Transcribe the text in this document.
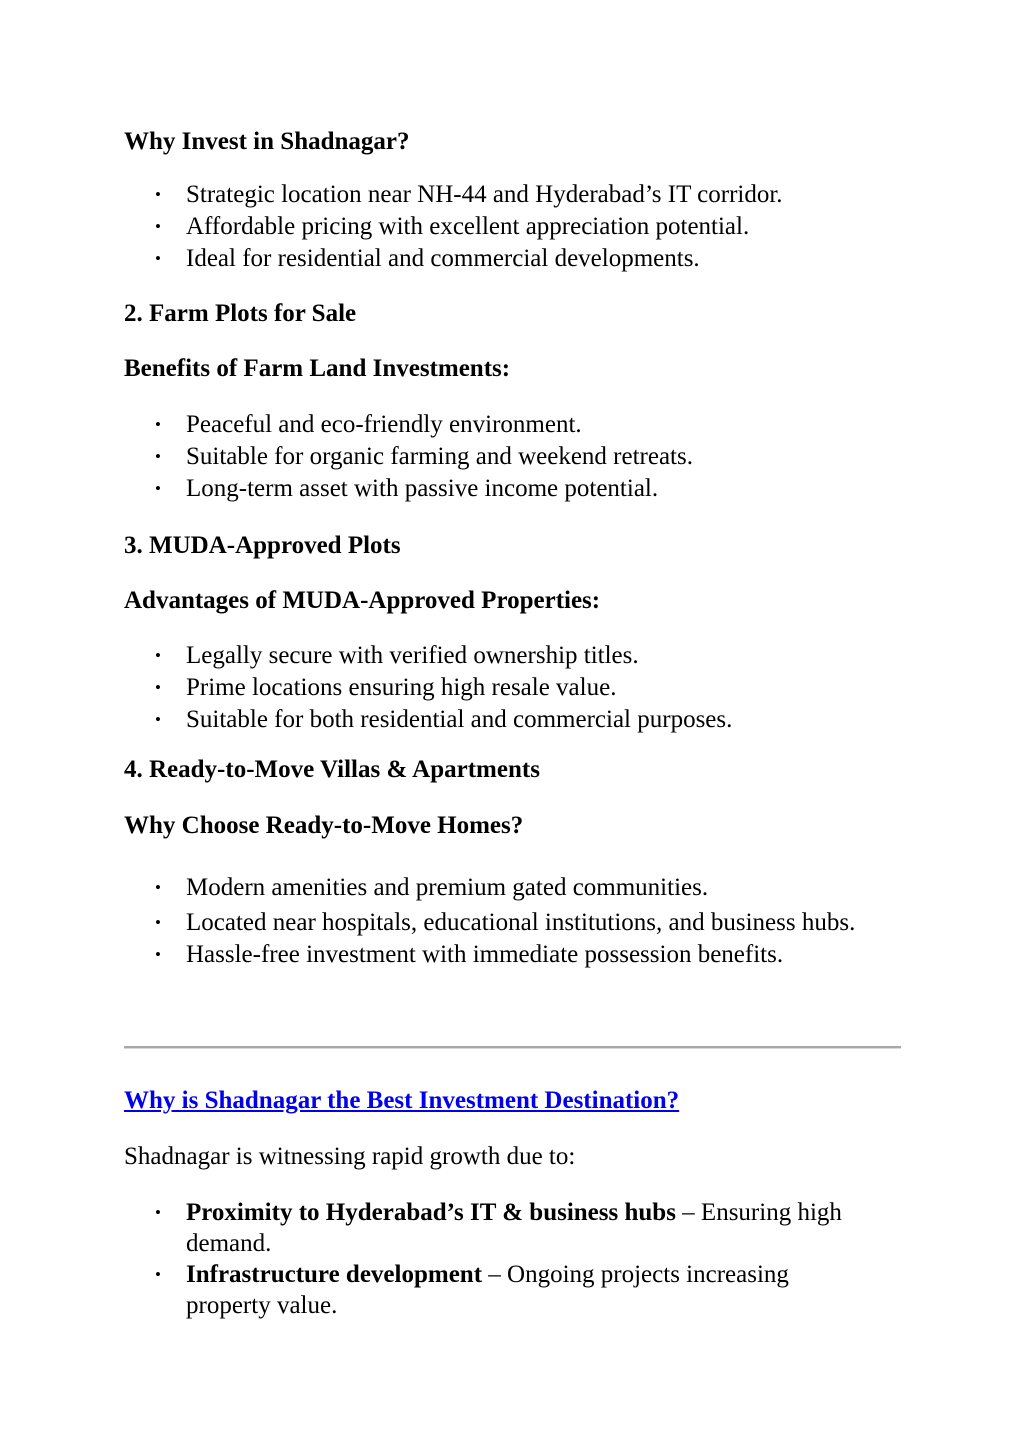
Why Invest in Shadnagar?
• Strategic location near NH-44 and Hyderabad’s IT corridor.
• Affordable pricing with excellent appreciation potential.
• Ideal for residential and commercial developments.
2. Farm Plots for Sale
Benefits of Farm Land Investments:
• Peaceful and eco-friendly environment.
• Suitable for organic farming and weekend retreats.
• Long-term asset with passive income potential.
3. MUDA-Approved Plots
Advantages of MUDA-Approved Properties:
• Legally secure with verified ownership titles.
• Prime locations ensuring high resale value.
• Suitable for both residential and commercial purposes.
4. Ready-to-Move Villas & Apartments
Why Choose Ready-to-Move Homes?
• Modern amenities and premium gated communities.
• Located near hospitals, educational institutions, and business hubs.
• Hassle-free investment with immediate possession benefits.
Why is Shadnagar the Best Investment Destination?

Shadnagar is witnessing rapid growth due to:

• Proximity to Hyderabad’s IT & business hubs – Ensuring high demand.
• Infrastructure development – Ongoing projects increasing property value.
